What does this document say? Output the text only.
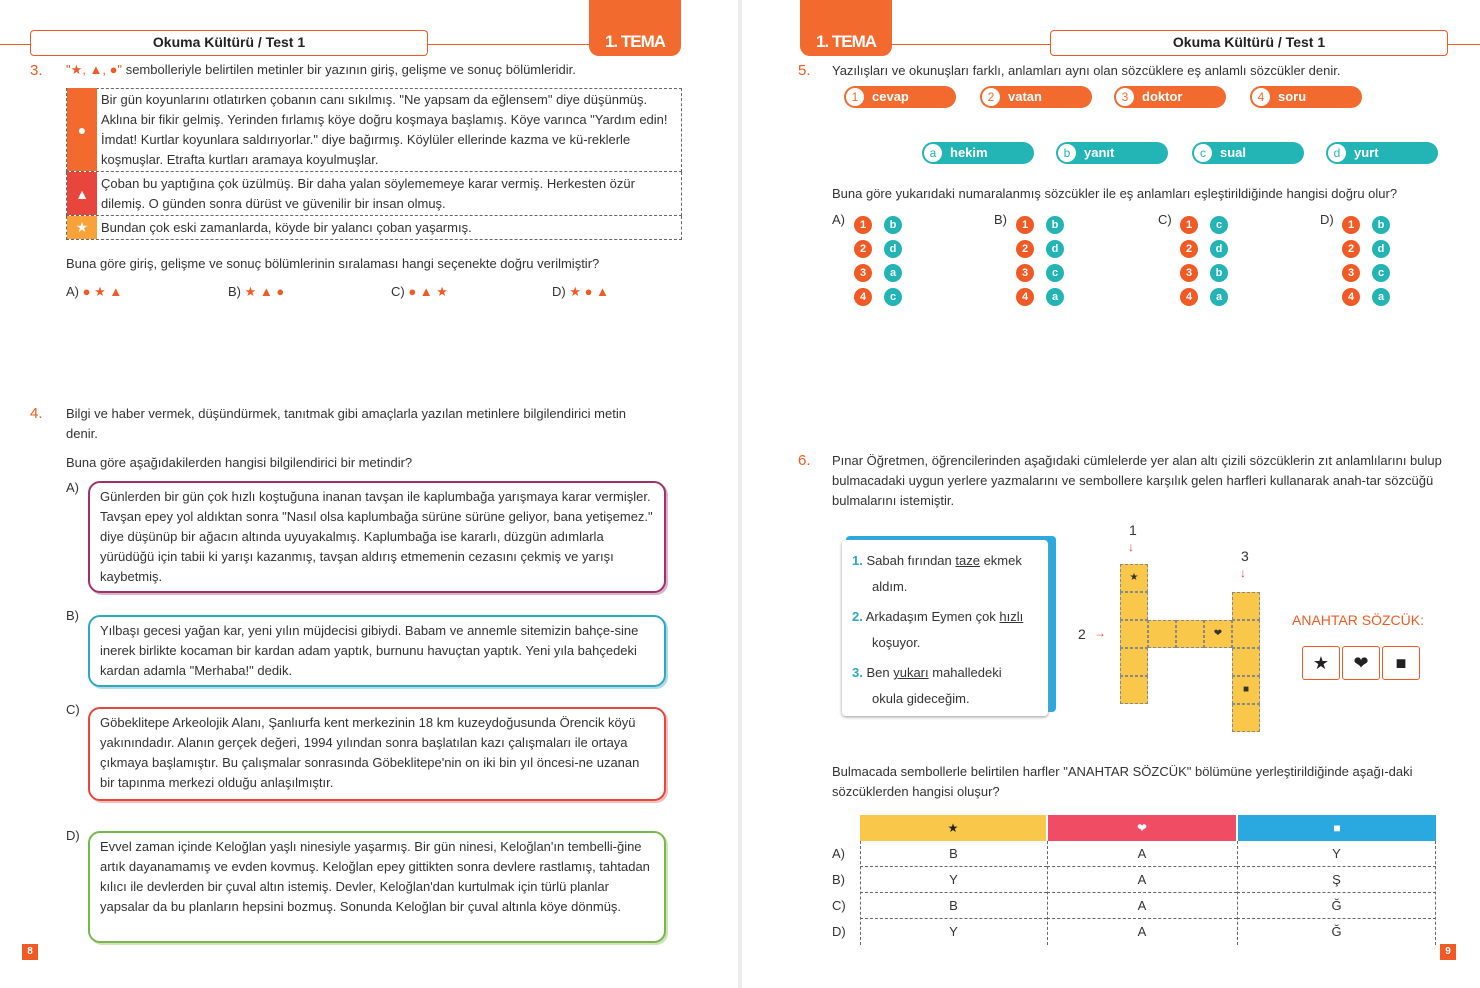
Okuma Kültürü / Test 1	1. TEMA
3. "★, ▲, ●" sembolleriyle belirtilen metinler bir yazının giriş, gelişme ve sonuç bölümleridir.
●
Bir gün koyunlarını otlatırken çobanın canı sıkılmış. "Ne yapsam da eğlensem" diye düşünmüş. Aklına bir fikir gelmiş. Yerinden fırlamış köye doğru koşmaya başlamış. Köye varınca "Yardım edin! İmdat! Kurtlar koyunlara saldırıyorlar." diye bağırmış. Köylüler ellerinde kazma ve kü-reklerle koşmuşlar. Etrafta kurtları aramaya koyulmuşlar.
▲
Çoban bu yaptığına çok üzülmüş. Bir daha yalan söylememeye karar vermiş. Herkesten özür dilemiş. O günden sonra dürüst ve güvenilir bir insan olmuş.
★ Bundan çok eski zamanlarda, köyde bir yalancı çoban yaşarmış.
Buna göre giriş, gelişme ve sonuç bölümlerinin sıralaması hangi seçenekte doğru verilmiştir?
A) ● ★ ▲	B) ★ ▲ ●	C) ● ▲ ★	D) ★ ● ▲
4. Bilgi ve haber vermek, düşündürmek, tanıtmak gibi amaçlarla yazılan metinlere bilgilendirici metin
denir.
Buna göre aşağıdakilerden hangisi bilgilendirici bir metindir?
A)
Günlerden bir gün çok hızlı koştuğuna inanan tavşan ile kaplumbağa yarışmaya karar vermişler. Tavşan epey yol aldıktan sonra "Nasıl olsa kaplumbağa sürüne sürüne geliyor, bana yetişemez." diye düşünüp bir ağacın altında uyuyakalmış. Kaplumbağa ise kararlı, düzgün adımlarla yürüdüğü için tabii ki yarışı kazanmış, tavşan aldırış etmemenin cezasını çekmiş ve yarışı kaybetmiş.
B)
Yılbaşı gecesi yağan kar, yeni yılın müjdecisi gibiydi. Babam ve annemle sitemizin bahçe-sine inerek birlikte kocaman bir kardan adam yaptık, burnunu havuçtan yaptık. Yeni yıla bahçedeki kardan adamla "Merhaba!" dedik.
C)
Göbeklitepe Arkeolojik Alanı, Şanlıurfa kent merkezinin 18 km kuzeydoğusunda Örencik köyü yakınındadır. Alanın gerçek değeri, 1994 yılından sonra başlatılan kazı çalışmaları ile ortaya çıkmaya başlamıştır. Bu çalışmalar sonrasında Göbeklitepe'nin on iki bin yıl öncesi-ne uzanan bir tapınma merkezi olduğu anlaşılmıştır.
D)
Evvel zaman içinde Keloğlan yaşlı ninesiyle yaşarmış. Bir gün ninesi, Keloğlan'ın tembelli-ğine artık dayanamamış ve evden kovmuş. Keloğlan epey gittikten sonra devlere rastlamış, tahtadan kılıcı ile devlerden bir çuval altın istemiş. Devler, Keloğlan'dan kurtulmak için türlü planlar yapsalar da bu planların hepsini bozmuş. Sonunda Keloğlan bir çuval altınla köye dönmüş.
8
1. TEMA	Okuma Kültürü / Test 1
5. Yazılışları ve okunuşları farklı, anlamları aynı olan sözcüklere eş anlamlı sözcükler denir.
1	cevap	2	vatan	3	doktor	4	soru
a	hekim	b	yanıt	c	sual	d	yurt
Buna göre yukarıdaki numaralanmış sözcükler ile eş anlamları eşleştirildiğinde hangisi doğru olur?
A)	1	b
2	d
3	a
4	c
B)	1	b
2	d
3	c
4	a
C)	1	c
2	d
3	b
4	a
D)	1	b
2	d
3	c
4	a
6. Pınar Öğretmen, öğrencilerinden aşağıdaki cümlelerde yer alan altı çizili sözcüklerin zıt anlamlılarını bulup bulmacadaki uygun yerlere yazmalarını ve sembollere karşılık gelen harfleri kullanarak anah-tar sözcüğü bulmalarını istemiştir.
1. Sabah fırından taze ekmek
aldım.
2. Arkadaşım Eymen çok hızlı
koşuyor.
3. Ben yukarı mahalledeki
okula gideceğim.
1
↓
3
↓
2 →
★
❤
■
ANAHTAR SÖZCÜK:
★	❤	■
Bulmacada sembollerle belirtilen harfler "ANAHTAR SÖZCÜK" bölümüne yerleştirildiğinde aşağı-daki sözcüklerden hangisi oluşur?
★	❤	■
A)	B	A	Y
B)	Y	A	Ş
C)	B	A	Ğ
D)	Y	A	Ğ
9
